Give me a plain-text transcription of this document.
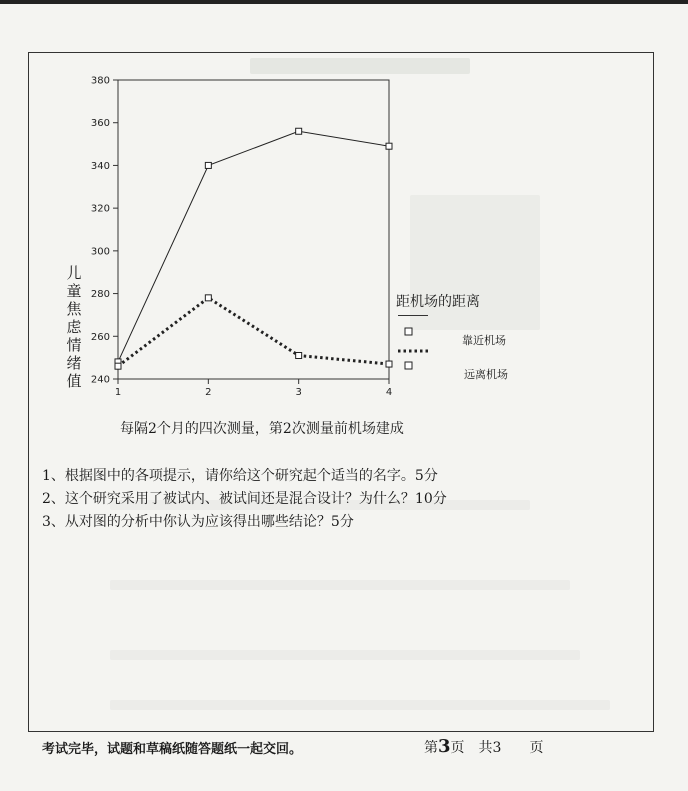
240
260
280
300
320
340
360
380
1	2	3	4
儿
童
焦
虑
情
绪
值
距机场的距离
靠近机场
远离机场
每隔2个月的四次测量，第2次测量前机场建成
1、根据图中的各项提示，请你给这个研究起个适当的名字。5分
2、这个研究采用了被试内、被试间还是混合设计？为什么？10分
3、从对图的分析中你认为应该得出哪些结论？5分
考试完毕，试题和草稿纸随答题纸一起交回。	第3页　共3　　页
